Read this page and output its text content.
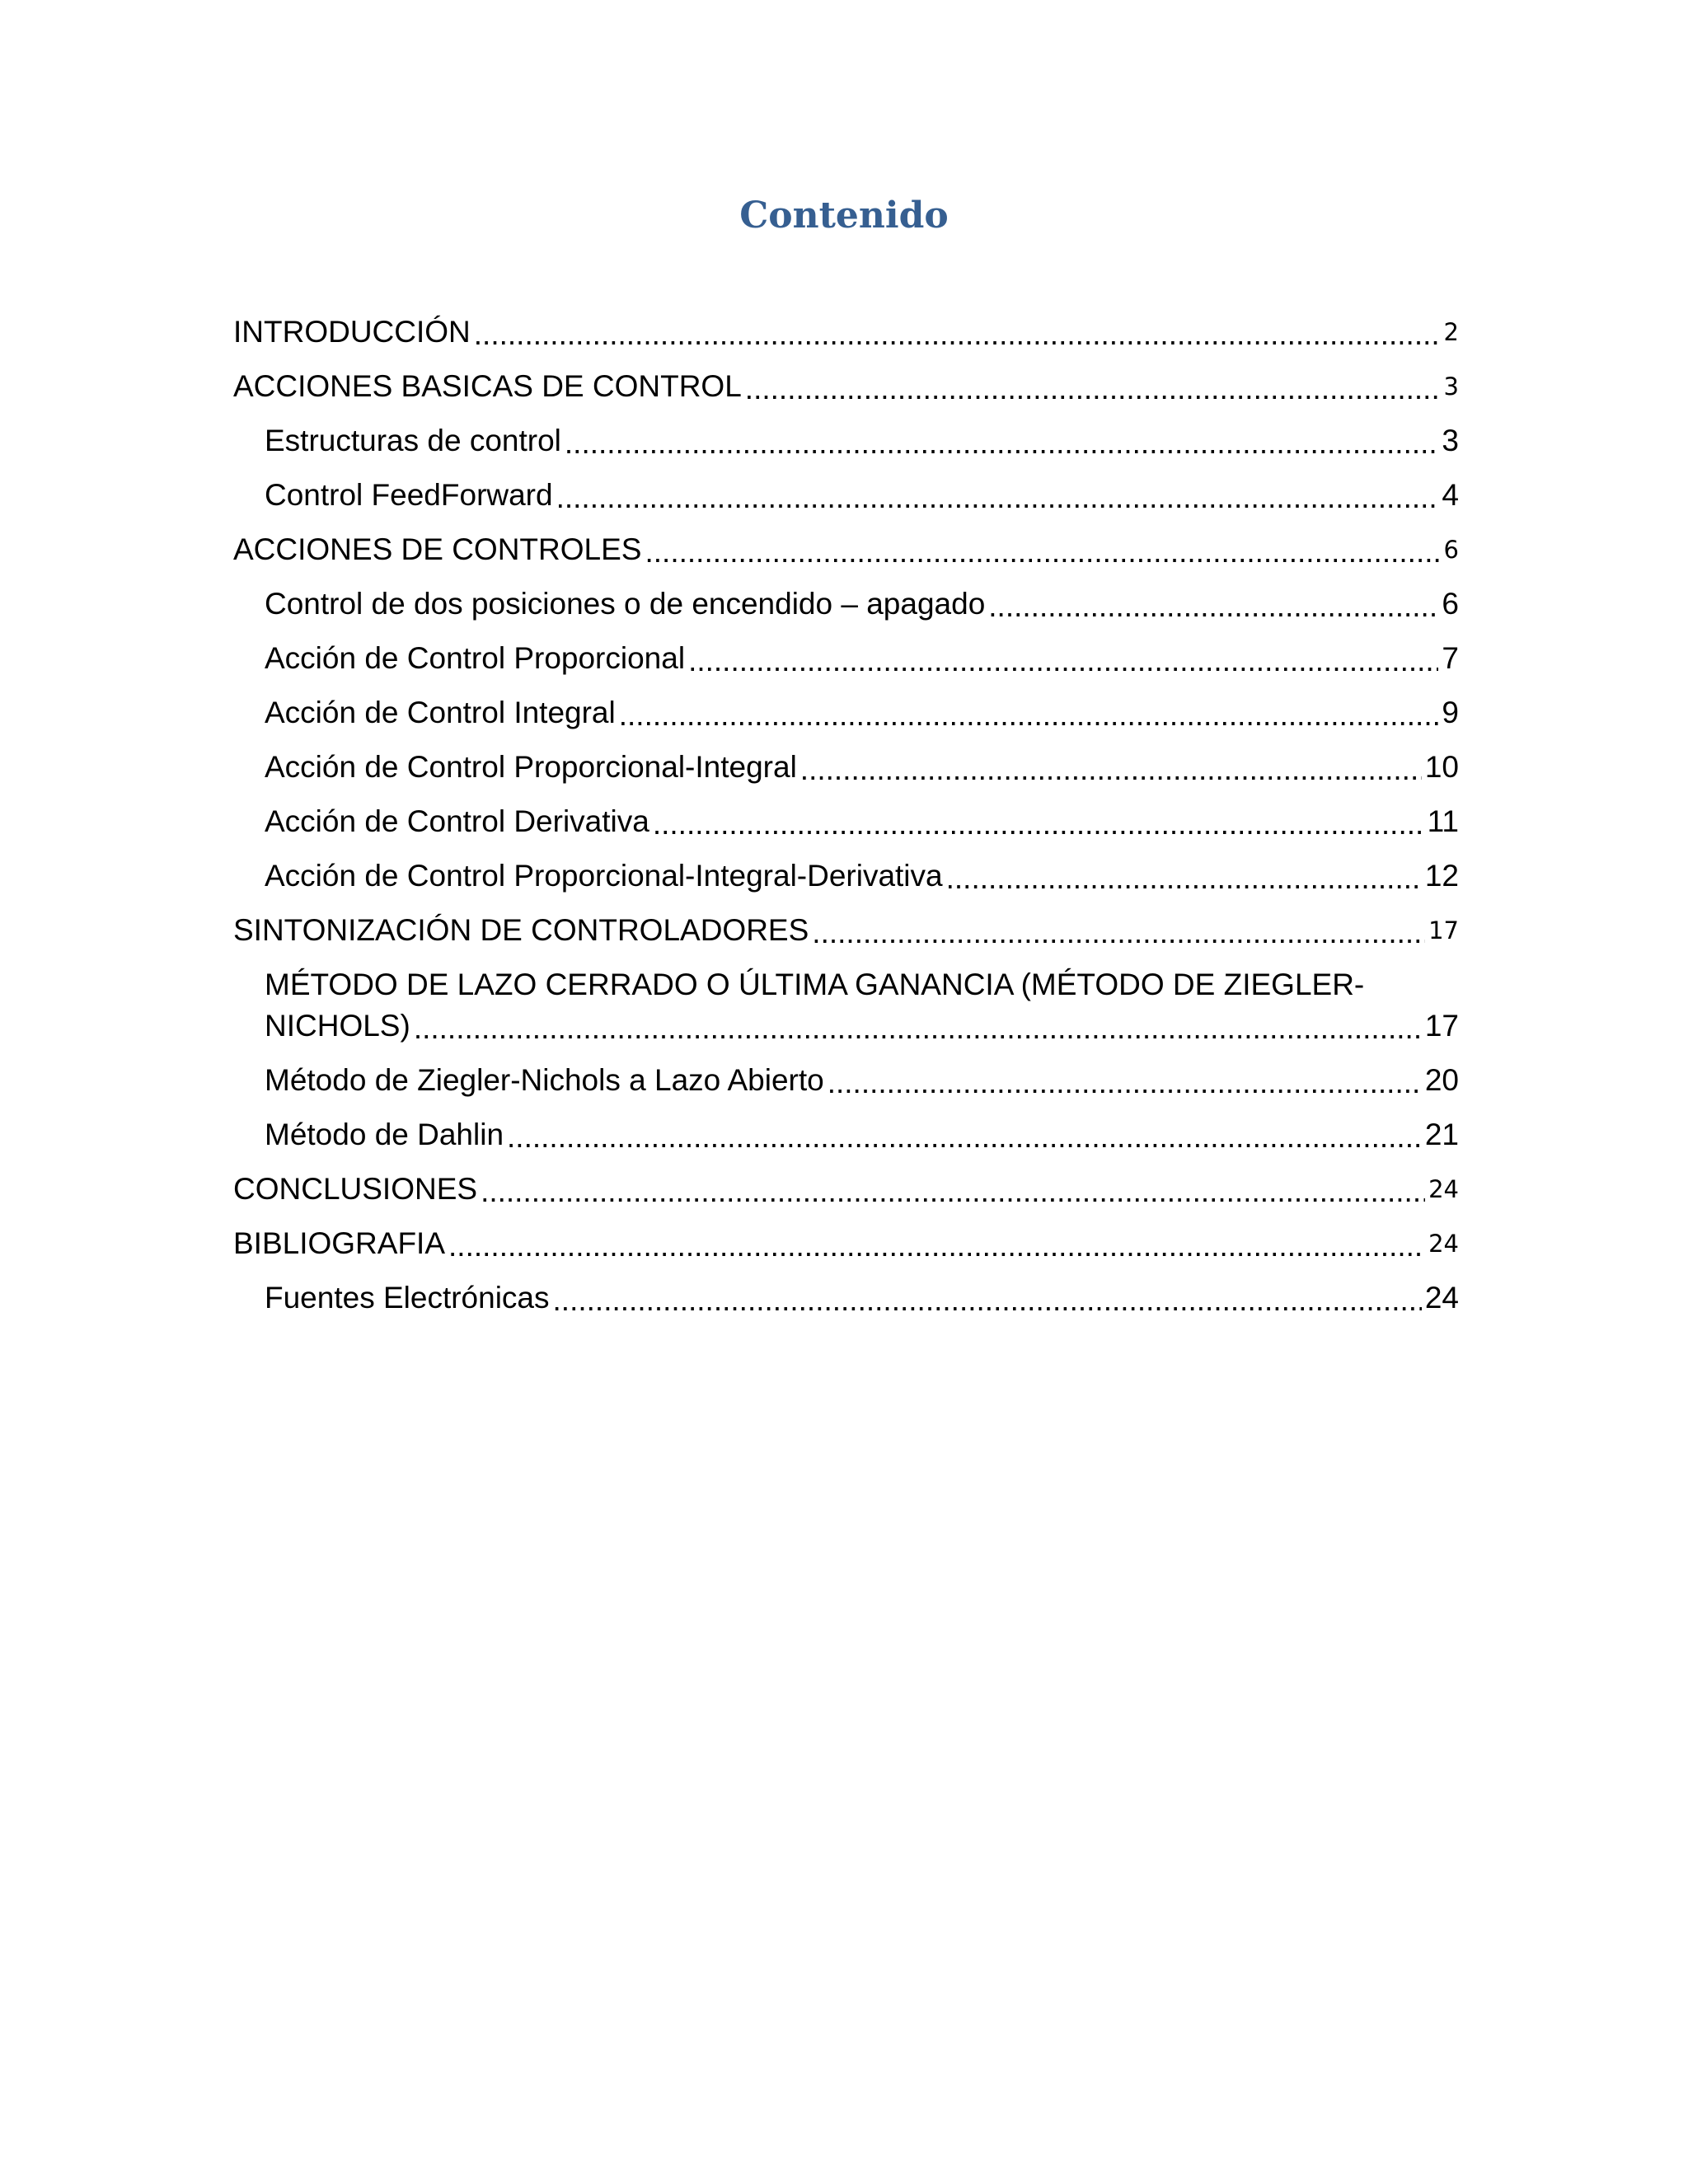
Contenido
INTRODUCCIÓN .....	2
ACCIONES BASICAS DE CONTROL .....	3
Estructuras de control .....	3
Control FeedForward .....	4
ACCIONES DE CONTROLES .....	6
Control de dos posiciones o de encendido – apagado .....	6
Acción de Control Proporcional .....	7
Acción de Control Integral .....	9
Acción de Control Proporcional-Integral .....	10
Acción de Control Derivativa .....	11
Acción de Control Proporcional-Integral-Derivativa .....	12
SINTONIZACIÓN DE CONTROLADORES .....	17
MÉTODO DE LAZO CERRADO O ÚLTIMA GANANCIA (MÉTODO DE ZIEGLER-
NICHOLS) .....	17
Método de Ziegler-Nichols a Lazo Abierto .....	20
Método de Dahlin .....	21
CONCLUSIONES .....	24
BIBLIOGRAFIA .....	24
Fuentes Electrónicas .....	24
